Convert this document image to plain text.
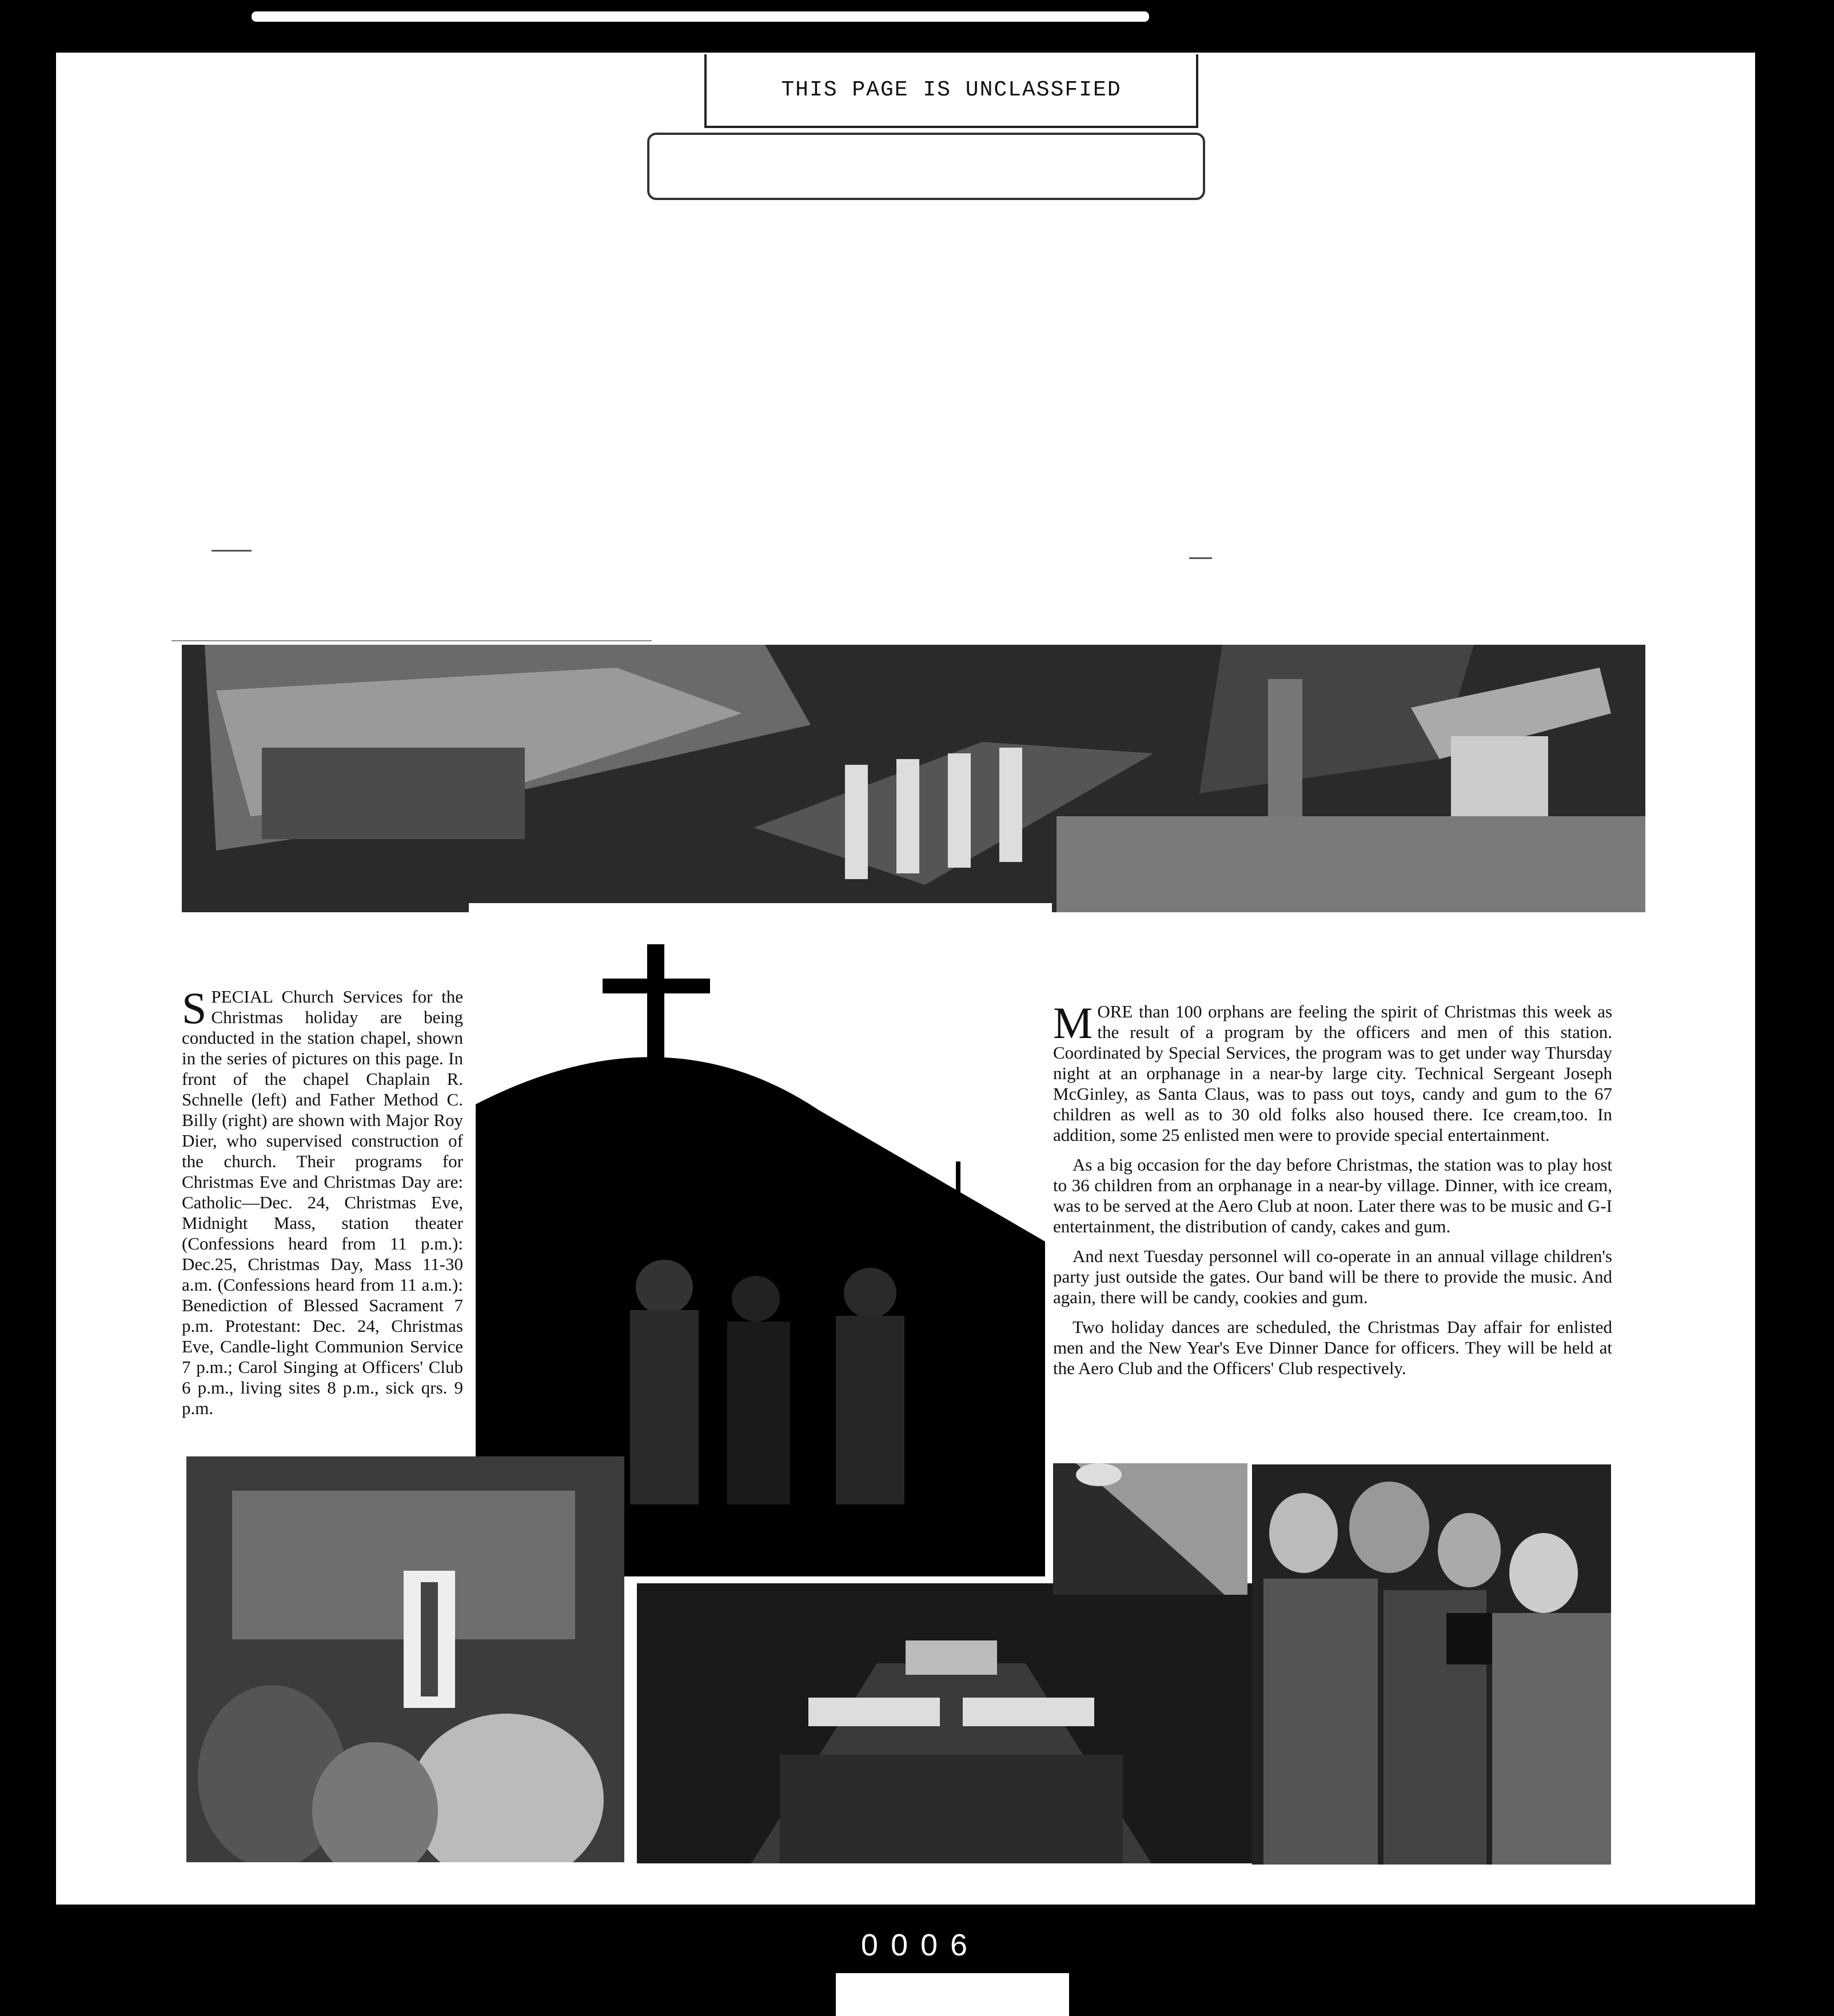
THIS PAGE IS UNCLASSFIED

SPECIAL Church Services for the Christmas holiday are being conducted in the station chapel, shown in the series of pictures on this page. In front of the chapel Chaplain R. Schnelle (left) and Father Method C. Billy (right) are shown with Major Roy Dier, who supervised construction of the church. Their programs for Christmas Eve and Christmas Day are: Catholic—Dec. 24, Christmas Eve, Midnight Mass, station theater (Confessions heard from 11 p.m.): Dec.25, Christmas Day, Mass 11-30 a.m. (Confessions heard from 11 a.m.): Benediction of Blessed Sacrament 7 p.m. Protestant: Dec. 24, Christmas Eve, Candle-light Communion Service 7 p.m.; Carol Singing at Officers' Club 6 p.m., living sites 8 p.m., sick qrs. 9 p.m.

MORE than 100 orphans are feeling the spirit of Christmas this week as the result of a program by the officers and men of this station. Coordinated by Special Services, the program was to get under way Thursday night at an orphanage in a near-by large city. Technical Sergeant Joseph McGinley, as Santa Claus, was to pass out toys, candy and gum to the 67 children as well as to 30 old folks also housed there. Ice cream,too. In addition, some 25 enlisted men were to provide special entertainment.

As a big occasion for the day before Christmas, the station was to play host to 36 children from an orphanage in a near-by village. Dinner, with ice cream, was to be served at the Aero Club at noon. Later there was to be music and G-I entertainment, the distribution of candy, cakes and gum.

And next Tuesday personnel will co-operate in an annual village children's party just outside the gates. Our band will be there to provide the music. And again, there will be candy, cookies and gum.

Two holiday dances are scheduled, the Christmas Day affair for enlisted men and the New Year's Eve Dinner Dance for officers. They will be held at the Aero Club and the Officers' Club respectively.

0006
